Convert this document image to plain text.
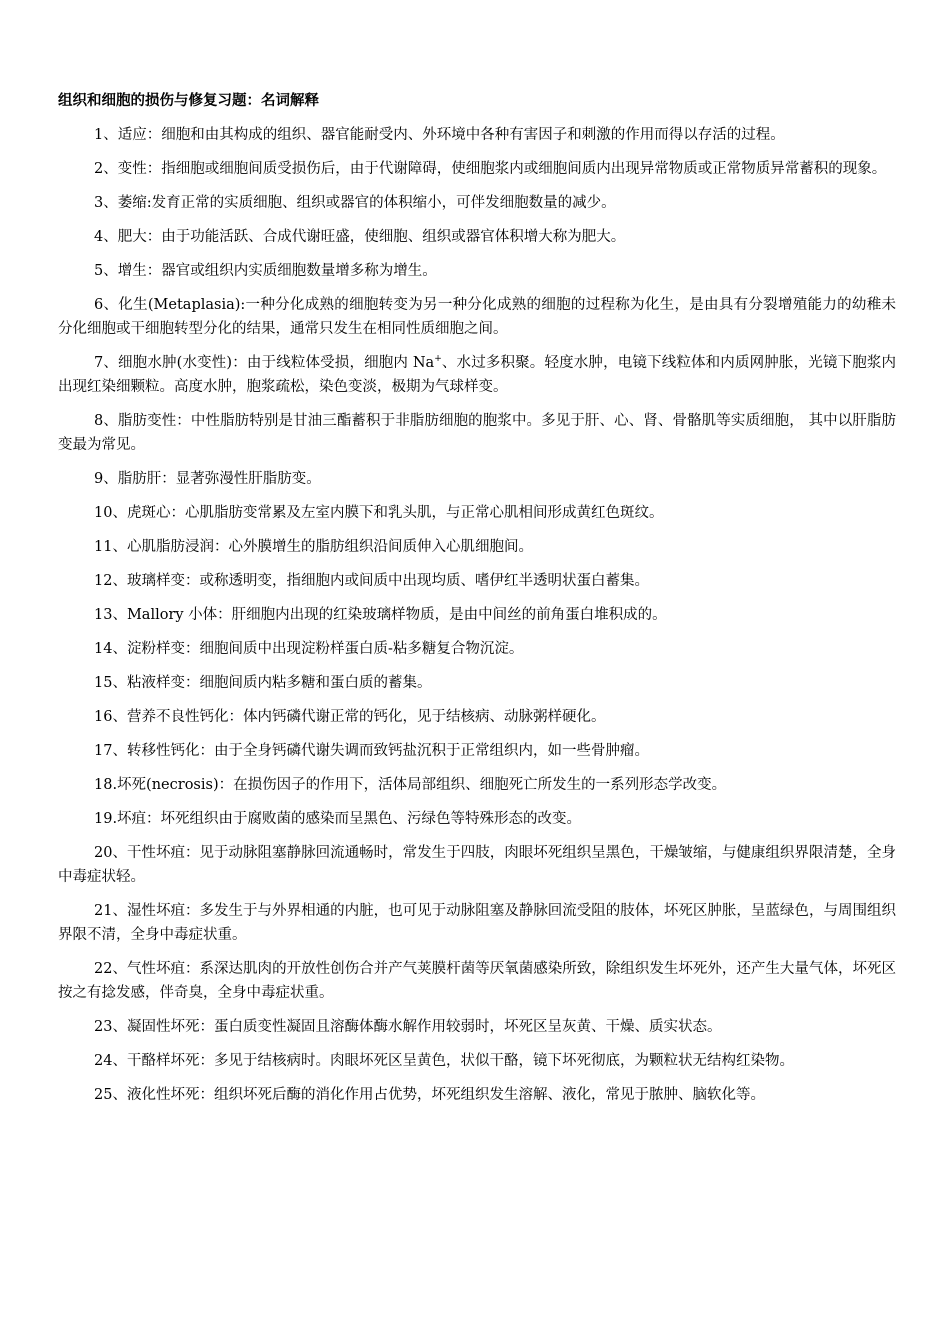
组织和细胞的损伤与修复习题：名词解释
1、适应：细胞和由其构成的组织、器官能耐受内、外环境中各种有害因子和刺激的作用而得以存活的过程。
2、变性：指细胞或细胞间质受损伤后，由于代谢障碍，使细胞浆内或细胞间质内出现异常物质或正常物质异常蓄积的现象。
3、萎缩:发育正常的实质细胞、组织或器官的体积缩小，可伴发细胞数量的减少。
4、肥大：由于功能活跃、合成代谢旺盛，使细胞、组织或器官体积增大称为肥大。
5、增生：器官或组织内实质细胞数量增多称为增生。
6、化生(Metaplasia):一种分化成熟的细胞转变为另一种分化成熟的细胞的过程称为化生，是由具有分裂增殖能力的幼稚未分化细胞或干细胞转型分化的结果，通常只发生在相同性质细胞之间。
7、细胞水肿(水变性)：由于线粒体受损，细胞内 Na+、水过多积聚。轻度水肿，电镜下线粒体和内质网肿胀，光镜下胞浆内出现红染细颗粒。高度水肿，胞浆疏松，染色变淡，极期为气球样变。
8、脂肪变性：中性脂肪特别是甘油三酯蓄积于非脂肪细胞的胞浆中。多见于肝、心、肾、骨骼肌等实质细胞， 其中以肝脂肪变最为常见。
9、脂肪肝：显著弥漫性肝脂肪变。
10、虎斑心：心肌脂肪变常累及左室内膜下和乳头肌，与正常心肌相间形成黄红色斑纹。
11、心肌脂肪浸润：心外膜增生的脂肪组织沿间质伸入心肌细胞间。
12、玻璃样变：或称透明变，指细胞内或间质中出现均质、嗜伊红半透明状蛋白蓄集。
13、Mallory 小体：肝细胞内出现的红染玻璃样物质，是由中间丝的前角蛋白堆积成的。
14、淀粉样变：细胞间质中出现淀粉样蛋白质-粘多糖复合物沉淀。
15、粘液样变：细胞间质内粘多糖和蛋白质的蓄集。
16、营养不良性钙化：体内钙磷代谢正常的钙化，见于结核病、动脉粥样硬化。
17、转移性钙化：由于全身钙磷代谢失调而致钙盐沉积于正常组织内，如一些骨肿瘤。
18.坏死(necrosis)：在损伤因子的作用下，活体局部组织、细胞死亡所发生的一系列形态学改变。
19.坏疽：坏死组织由于腐败菌的感染而呈黑色、污绿色等特殊形态的改变。
20、干性坏疽：见于动脉阻塞静脉回流通畅时，常发生于四肢，肉眼坏死组织呈黑色，干燥皱缩，与健康组织界限清楚，全身中毒症状轻。
21、湿性坏疽：多发生于与外界相通的内脏，也可见于动脉阻塞及静脉回流受阻的肢体，坏死区肿胀，呈蓝绿色，与周围组织界限不清，全身中毒症状重。
22、气性坏疽：系深达肌肉的开放性创伤合并产气荚膜杆菌等厌氧菌感染所致，除组织发生坏死外，还产生大量气体，坏死区按之有捻发感，伴奇臭，全身中毒症状重。
23、凝固性坏死：蛋白质变性凝固且溶酶体酶水解作用较弱时，坏死区呈灰黄、干燥、质实状态。
24、干酪样坏死：多见于结核病时。肉眼坏死区呈黄色，状似干酪，镜下坏死彻底，为颗粒状无结构红染物。
25、液化性坏死：组织坏死后酶的消化作用占优势，坏死组织发生溶解、液化，常见于脓肿、脑软化等。
